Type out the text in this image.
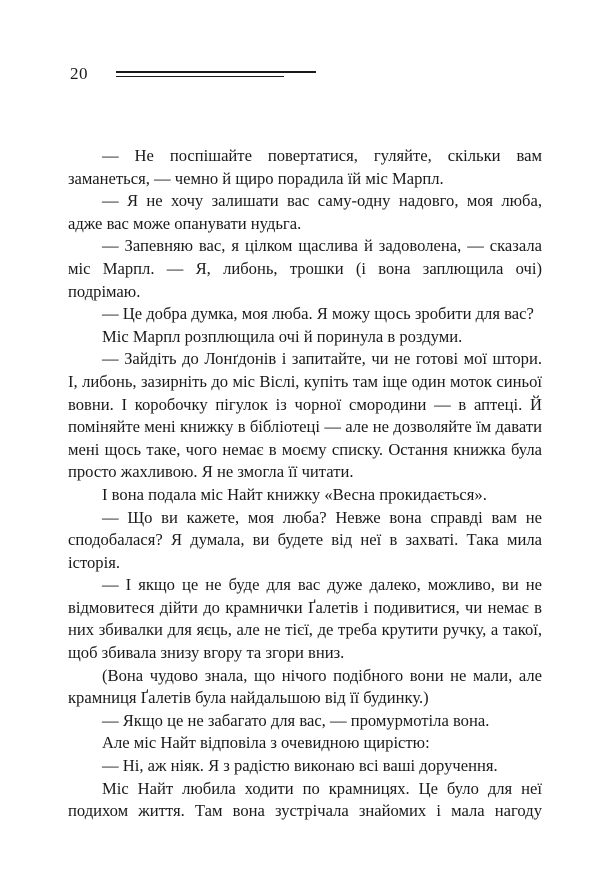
20

— Не поспішайте повертатися, гуляйте, скільки вам заманеться, — чемно й щиро порадила їй міс Марпл.

— Я не хочу залишати вас саму-одну надовго, моя люба, адже вас може опанувати нудьга.

— Запевняю вас, я цілком щаслива й задоволена, — сказала міс Марпл. — Я, либонь, трошки (і вона заплющила очі) подрімаю.

— Це добра думка, моя люба. Я можу щось зробити для вас?

Міс Марпл розплющила очі й поринула в роздуми.

— Зайдіть до Лонґдонів і запитайте, чи не готові мої штори. І, либонь, зазирніть до міс Віслі, купіть там іще один моток синьої вовни. І коробочку пігулок із чорної смородини — в аптеці. Й поміняйте мені книжку в бібліотеці — але не дозволяйте їм давати мені щось таке, чого немає в моєму списку. Остання книжка була просто жахливою. Я не змогла її читати.

І вона подала міс Найт книжку «Весна прокидається».

— Що ви кажете, моя люба? Невже вона справді вам не сподобалася? Я думала, ви будете від неї в захваті. Така мила історія.

— І якщо це не буде для вас дуже далеко, можливо, ви не відмовитеся дійти до крамнички Ґалетів і подивитися, чи немає в них збивалки для яєць, але не тієї, де треба крутити ручку, а такої, щоб збивала знизу вгору та згори вниз.

(Вона чудово знала, що нічого подібного вони не мали, але крамниця Ґалетів була найдальшою від її будинку.)

— Якщо це не забагато для вас, — промурмотіла вона.

Але міс Найт відповіла з очевидною щирістю:

— Ні, аж ніяк. Я з радістю виконаю всі ваші доручення.

Міс Найт любила ходити по крамницях. Це було для неї подихом життя. Там вона зустрічала знайомих і мала нагоду
